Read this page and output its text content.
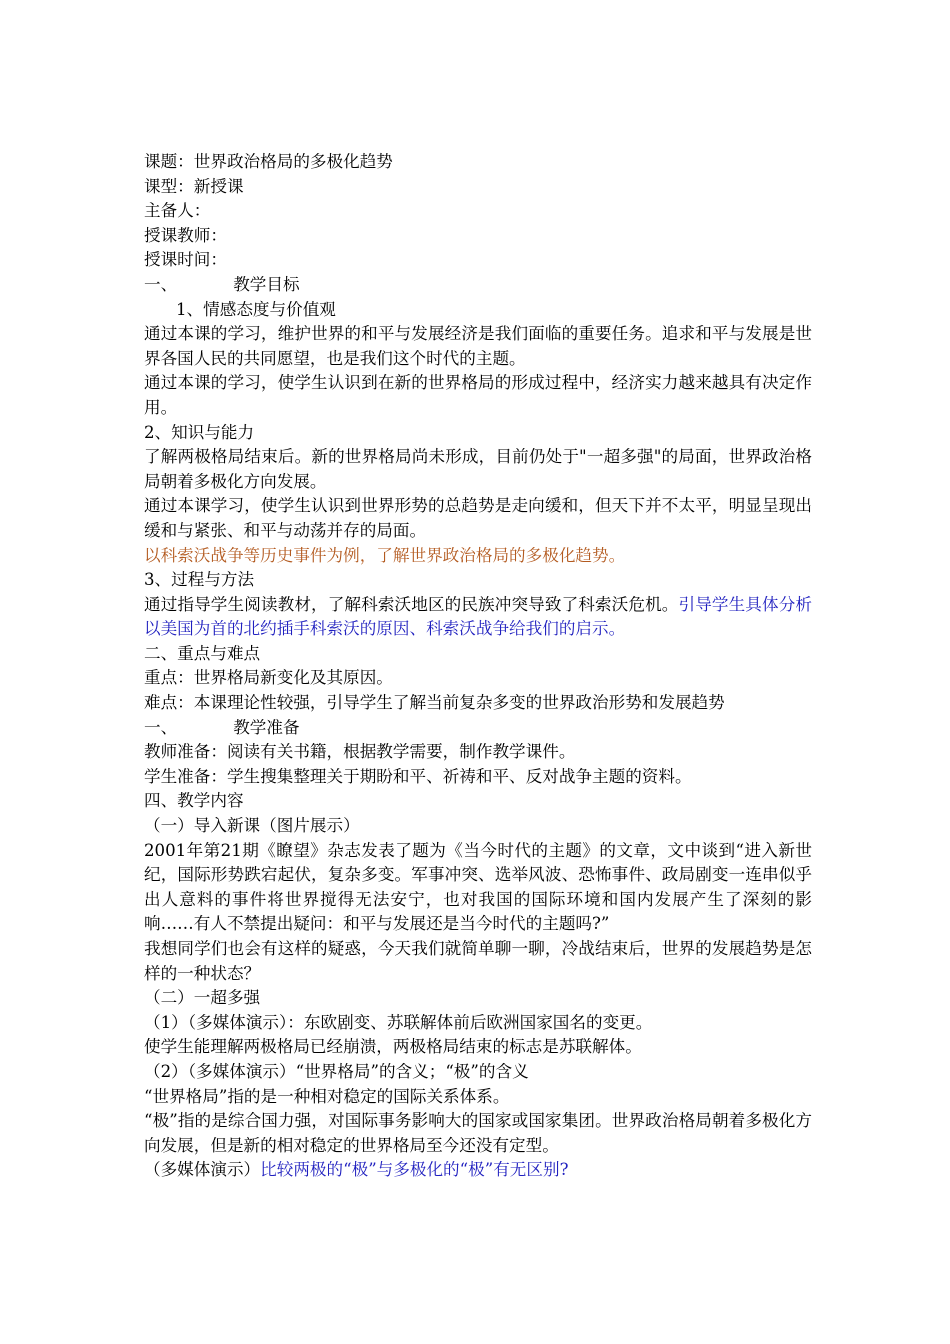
课题：世界政治格局的多极化趋势
课型：新授课
主备人：
授课教师：
授课时间：
一、	教学目标
1、情感态度与价值观
通过本课的学习，维护世界的和平与发展经济是我们面临的重要任务。追求和平与发展是世界各国人民的共同愿望，也是我们这个时代的主题。
通过本课的学习，使学生认识到在新的世界格局的形成过程中，经济实力越来越具有决定作用。
2、知识与能力
了解两极格局结束后。新的世界格局尚未形成，目前仍处于"一超多强"的局面，世界政治格局朝着多极化方向发展。
通过本课学习，使学生认识到世界形势的总趋势是走向缓和，但天下并不太平，明显呈现出缓和与紧张、和平与动荡并存的局面。
以科索沃战争等历史事件为例，了解世界政治格局的多极化趋势。
3、过程与方法
通过指导学生阅读教材，了解科索沃地区的民族冲突导致了科索沃危机。引导学生具体分析以美国为首的北约插手科索沃的原因、科索沃战争给我们的启示。
二、重点与难点
重点：世界格局新变化及其原因。
难点：本课理论性较强，引导学生了解当前复杂多变的世界政治形势和发展趋势
一、	教学准备
教师准备：阅读有关书籍，根据教学需要，制作教学课件。
学生准备：学生搜集整理关于期盼和平、祈祷和平、反对战争主题的资料。
四、教学内容
（一）导入新课（图片展示）
2001年第21期《瞭望》杂志发表了题为《当今时代的主题》的文章，文中谈到“进入新世纪，国际形势跌宕起伏，复杂多变。军事冲突、选举风波、恐怖事件、政局剧变一连串似乎出人意料的事件将世界搅得无法安宁，也对我国的国际环境和国内发展产生了深刻的影响……有人不禁提出疑问：和平与发展还是当今时代的主题吗?”
我想同学们也会有这样的疑惑，今天我们就简单聊一聊，冷战结束后，世界的发展趋势是怎样的一种状态？
（二）一超多强
（1）（多媒体演示）：东欧剧变、苏联解体前后欧洲国家国名的变更。
使学生能理解两极格局已经崩溃，两极格局结束的标志是苏联解体。
（2）（多媒体演示）“世界格局”的含义；“极”的含义
“世界格局”指的是一种相对稳定的国际关系体系。
“极”指的是综合国力强，对国际事务影响大的国家或国家集团。世界政治格局朝着多极化方向发展，但是新的相对稳定的世界格局至今还没有定型。
（多媒体演示）比较两极的“极”与多极化的“极”有无区别?
